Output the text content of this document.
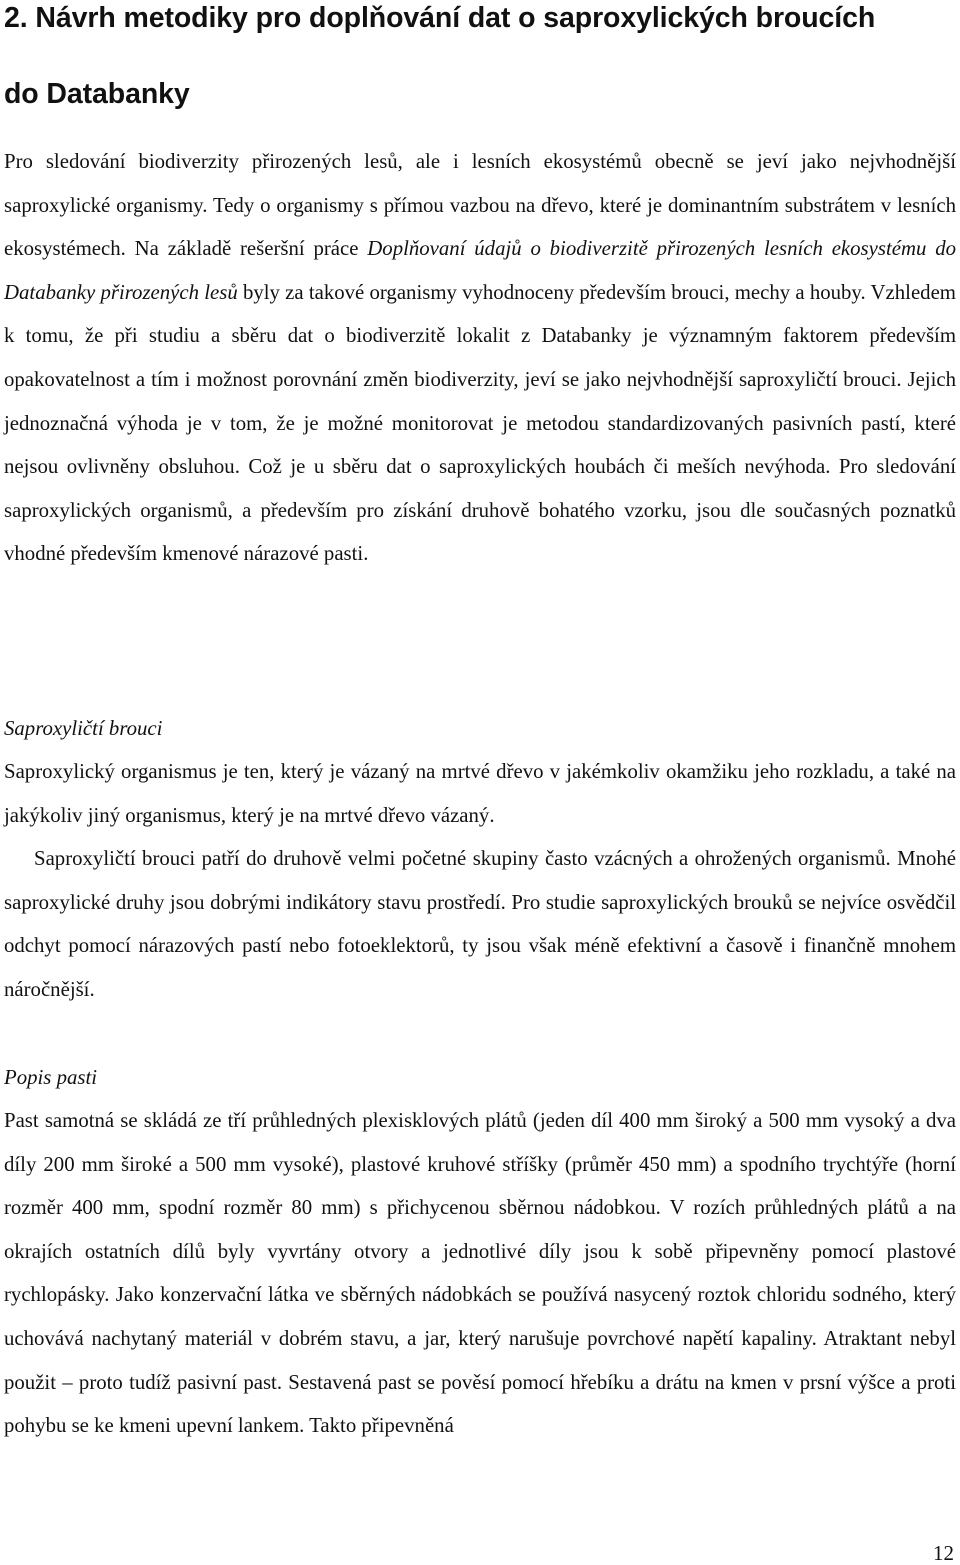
2. Návrh metodiky pro doplňování dat o saproxylických broucích
do Databanky

Pro sledování biodiverzity přirozených lesů, ale i lesních ekosystémů obecně se jeví jako nejvhodnější saproxylické organismy. Tedy o organismy s přímou vazbou na dřevo, které je dominantním substrátem v lesních ekosystémech. Na základě rešeršní práce Doplňovaní údajů o biodiverzitě přirozených lesních ekosystému do Databanky přirozených lesů byly za takové organismy vyhodnoceny především brouci, mechy a houby. Vzhledem k tomu, že při studiu a sběru dat o biodiverzitě lokalit z Databanky je významným faktorem především opakovatelnost a tím i možnost porovnání změn biodiverzity, jeví se jako nejvhodnější saproxyličtí brouci. Jejich jednoznačná výhoda je v tom, že je možné monitorovat je metodou standardizovaných pasivních pastí, které nejsou ovlivněny obsluhou. Což je u sběru dat o saproxylických houbách či meších nevýhoda. Pro sledování saproxylických organismů, a především pro získání druhově bohatého vzorku, jsou dle současných poznatků vhodné především kmenové nárazové pasti.

Saproxyličtí brouci

Saproxylický organismus je ten, který je vázaný na mrtvé dřevo v jakémkoliv okamžiku jeho rozkladu, a také na jakýkoliv jiný organismus, který je na mrtvé dřevo vázaný.

Saproxyličtí brouci patří do druhově velmi početné skupiny často vzácných a ohrožených organismů. Mnohé saproxylické druhy jsou dobrými indikátory stavu prostředí. Pro studie saproxylických brouků se nejvíce osvědčil odchyt pomocí nárazových pastí nebo fotoeklektorů, ty jsou však méně efektivní a časově i finančně mnohem náročnější.

Popis pasti

Past samotná se skládá ze tří průhledných plexisklových plátů (jeden díl 400 mm široký a 500 mm vysoký a dva díly 200 mm široké a 500 mm vysoké), plastové kruhové stříšky (průměr 450 mm) a spodního trychtýře (horní rozměr 400 mm, spodní rozměr 80 mm) s přichycenou sběrnou nádobkou. V rozích průhledných plátů a na okrajích ostatních dílů byly vyvrtány otvory a jednotlivé díly jsou k sobě připevněny pomocí plastové rychlopásky. Jako konzervační látka ve sběrných nádobkách se používá nasycený roztok chloridu sodného, který uchovává nachytaný materiál v dobrém stavu, a jar, který narušuje povrchové napětí kapaliny. Atraktant nebyl použit – proto tudíž pasivní past. Sestavená past se pověsí pomocí hřebíku a drátu na kmen v prsní výšce a proti pohybu se ke kmeni upevní lankem. Takto připevněná

12
